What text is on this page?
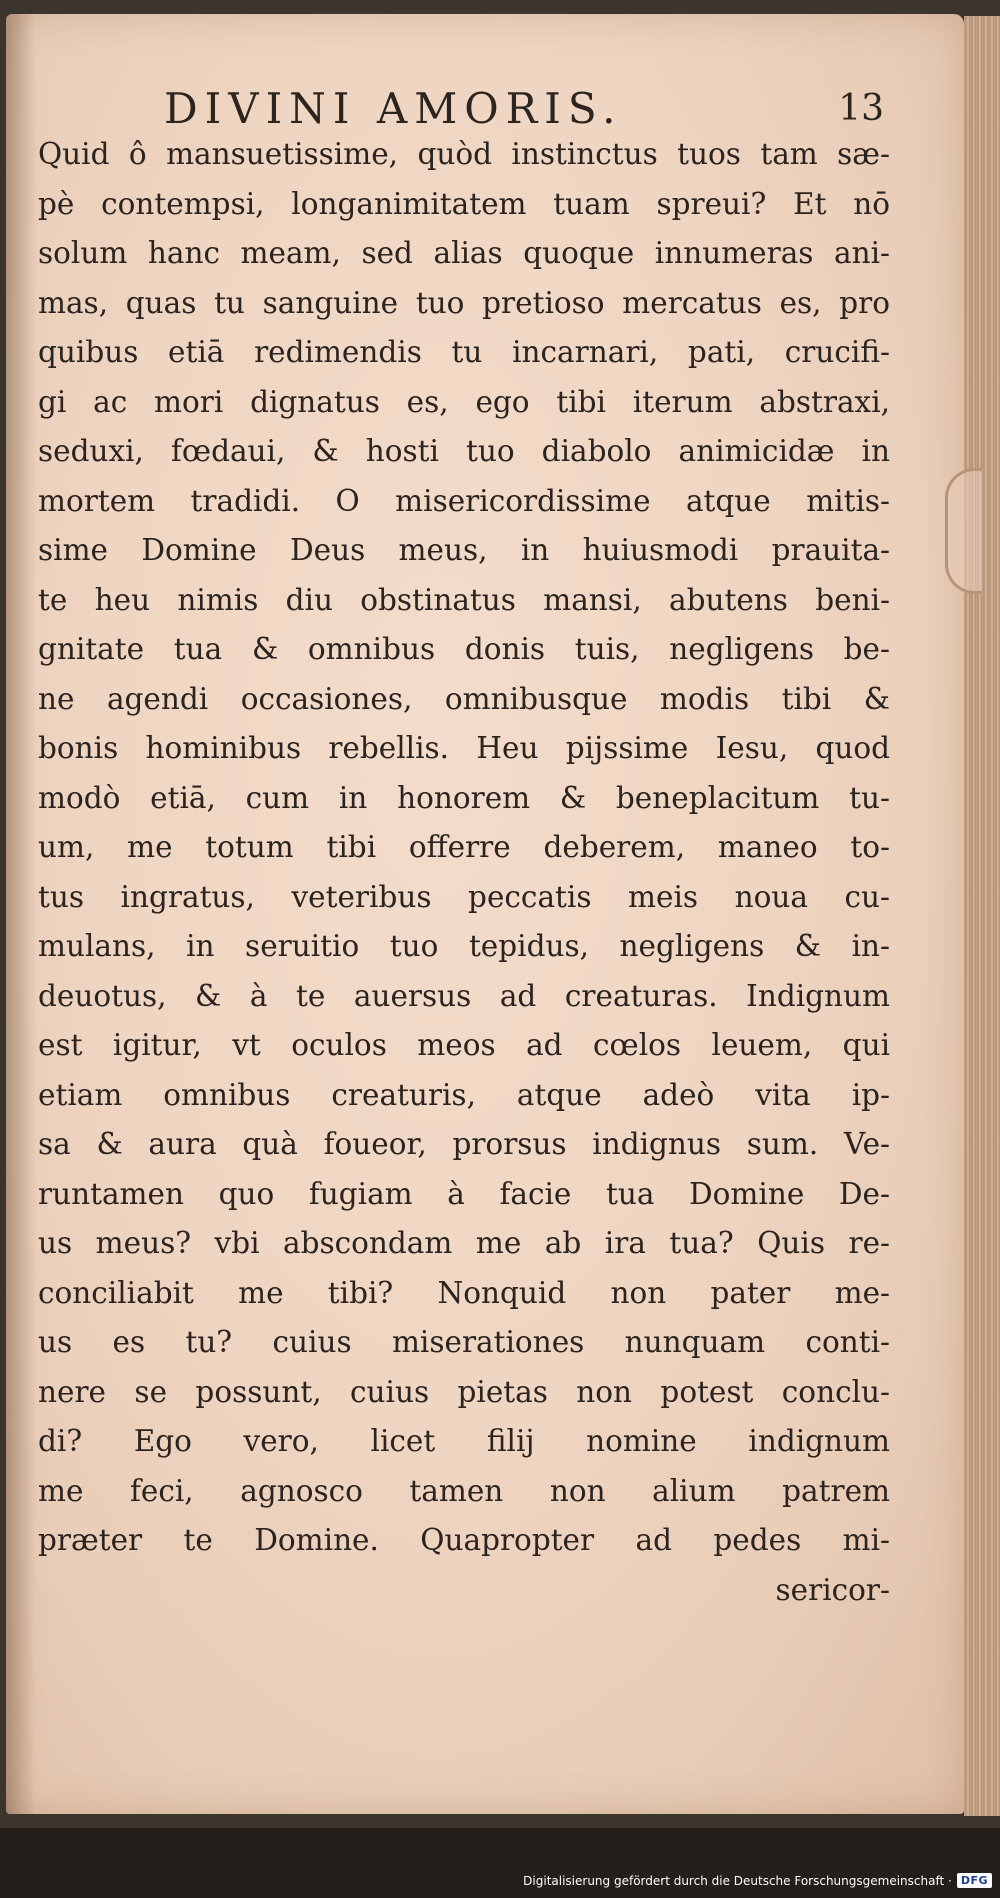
DIVINI AMORIS.	13
Quid ô mansuetissime, quòd instinctus tuos tam sæ-
pè contempsi, longanimitatem tuam spreui? Et nō
solum hanc meam, sed alias quoque innumeras ani-
mas, quas tu sanguine tuo pretioso mercatus es, pro
quibus etiā redimendis tu incarnari, pati, crucifi-
gi ac mori dignatus es, ego tibi iterum abstraxi,
seduxi, fœdaui, & hosti tuo diabolo animicidæ in
mortem tradidi. O misericordissime atque mitis-
sime Domine Deus meus, in huiusmodi prauita-
te heu nimis diu obstinatus mansi, abutens beni-
gnitate tua & omnibus donis tuis, negligens be-
ne agendi occasiones, omnibusque modis tibi &
bonis hominibus rebellis. Heu pijssime Iesu, quod
modò etiā, cum in honorem & beneplacitum tu-
um, me totum tibi offerre deberem, maneo to-
tus ingratus, veteribus peccatis meis noua cu-
mulans, in seruitio tuo tepidus, negligens & in-
deuotus, & à te auersus ad creaturas. Indignum
est igitur, vt oculos meos ad cœlos leuem, qui
etiam omnibus creaturis, atque adeò vita ip-
sa & aura quà foueor, prorsus indignus sum. Ve-
runtamen quo fugiam à facie tua Domine De-
us meus? vbi abscondam me ab ira tua? Quis re-
conciliabit me tibi? Nonquid non pater me-
us es tu? cuius miserationes nunquam conti-
nere se possunt, cuius pietas non potest conclu-
di? Ego vero, licet filij nomine indignum
me feci, agnosco tamen non alium patrem
præter te Domine. Quapropter ad pedes mi-
sericor-
Digitalisierung gefördert durch die Deutsche Forschungsgemeinschaft · DFG
